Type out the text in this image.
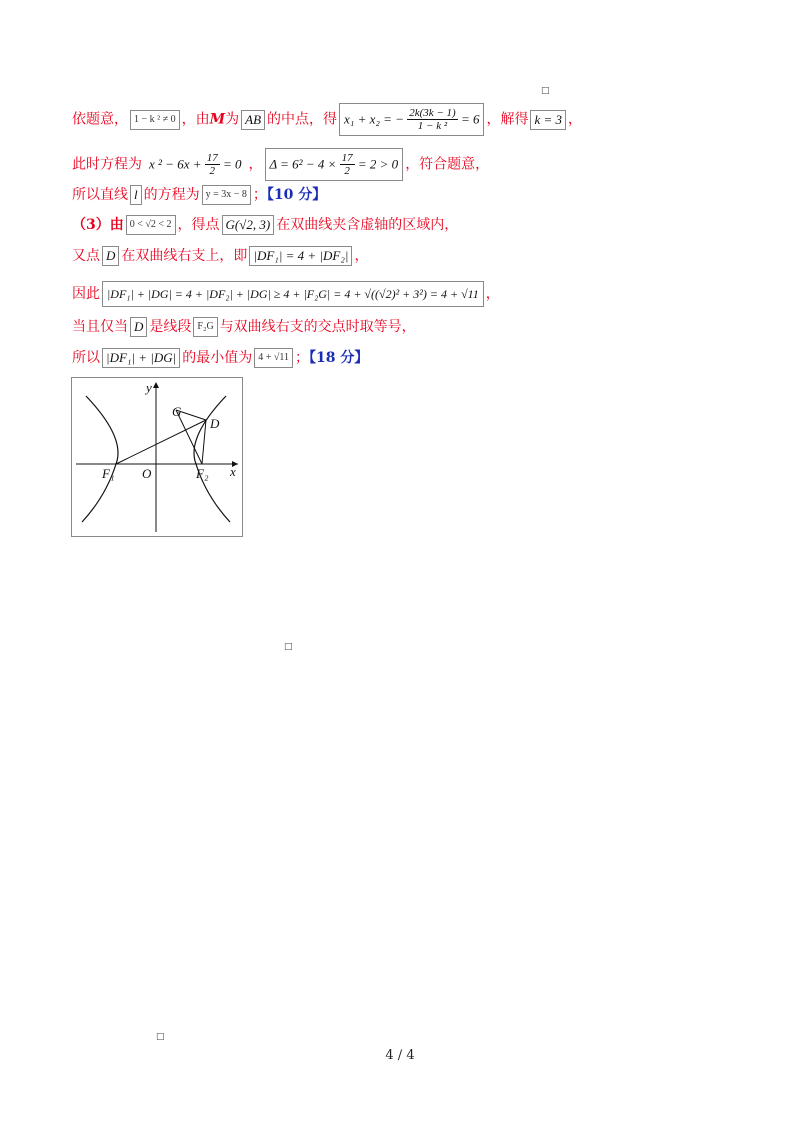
□
依题意， 1 − k ² ≠ 0 ，由M为 AB 的中点，得 x₁ + x₂ = − $\frac{2k(3k - 1)}{\text{1 − k ²}} = 6$ ，解得 k = 3 ，
此时方程为 x $^2 - 6x + \frac{17}{2} = 0$ ， $\Delta = 6^2 - 4 \times \frac{17}{2} = 2 > 0$ ，符合题意，
所以直线 l 的方程为 y = 3x − 8 ；【10 分】
（3）由 0 < √2 < 2 ，得点 G(√2, 3) 在双曲线夹含虚轴的区域内，
又点 D 在双曲线右支上，即 |DF₁| = 4 + |DF₂| ，
因此 |DF₁| + |DG| = 4 + |DF₂| + |DG| ≥ 4 + |F₂G| = 4 + √((√2)² + 3²) = 4 + √11 ，
当且仅当 D 是线段 F₂G 与双曲线右支的交点时取等号，
所以 |DF₁| + |DG| 的最小值为 4 + √11 ；【18 分】
y
x
O
G
D
F₁	F₂
□
□
4 / 4
